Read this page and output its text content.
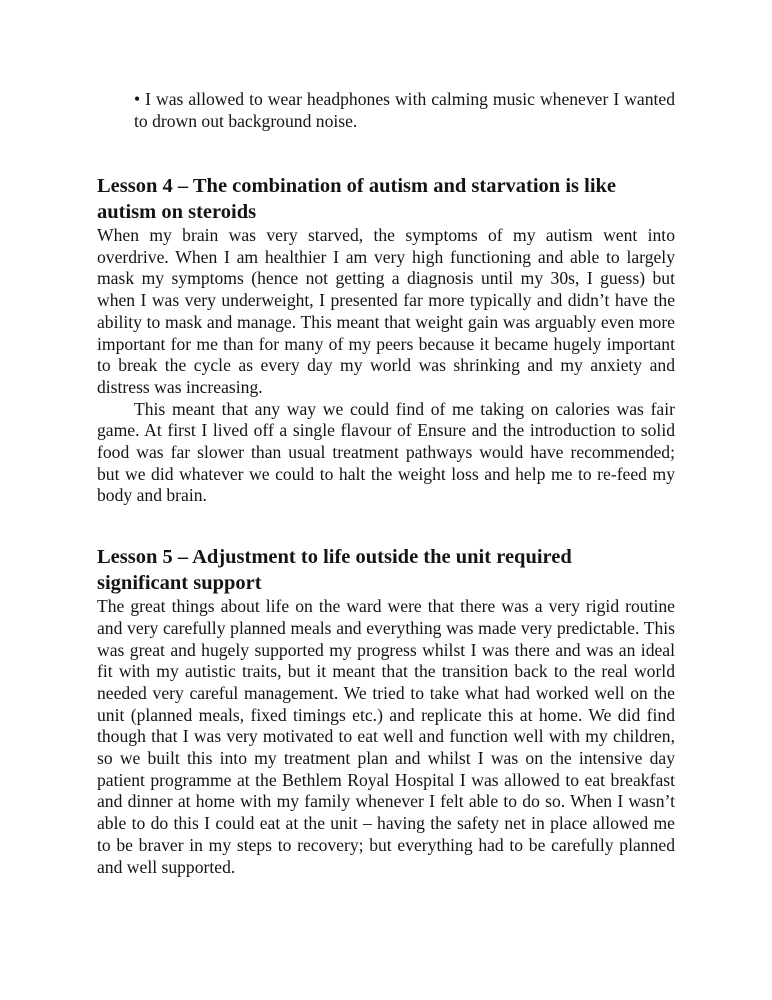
• I was allowed to wear headphones with calming music whenever I wanted to drown out background noise.

Lesson 4 – The combination of autism and starvation is like autism on steroids

When my brain was very starved, the symptoms of my autism went into overdrive. When I am healthier I am very high functioning and able to largely mask my symptoms (hence not getting a diagnosis until my 30s, I guess) but when I was very underweight, I presented far more typically and didn’t have the ability to mask and manage. This meant that weight gain was arguably even more important for me than for many of my peers because it became hugely important to break the cycle as every day my world was shrinking and my anxiety and distress was increasing.

This meant that any way we could find of me taking on calories was fair game. At first I lived off a single flavour of Ensure and the introduction to solid food was far slower than usual treatment pathways would have recommended; but we did whatever we could to halt the weight loss and help me to re-feed my body and brain.

Lesson 5 – Adjustment to life outside the unit required significant support

The great things about life on the ward were that there was a very rigid routine and very carefully planned meals and everything was made very predictable. This was great and hugely supported my progress whilst I was there and was an ideal fit with my autistic traits, but it meant that the transition back to the real world needed very careful management. We tried to take what had worked well on the unit (planned meals, fixed timings etc.) and replicate this at home. We did find though that I was very motivated to eat well and function well with my children, so we built this into my treatment plan and whilst I was on the intensive day patient programme at the Bethlem Royal Hospital I was allowed to eat breakfast and dinner at home with my family whenever I felt able to do so. When I wasn’t able to do this I could eat at the unit – having the safety net in place allowed me to be braver in my steps to recovery; but everything had to be carefully planned and well supported.
